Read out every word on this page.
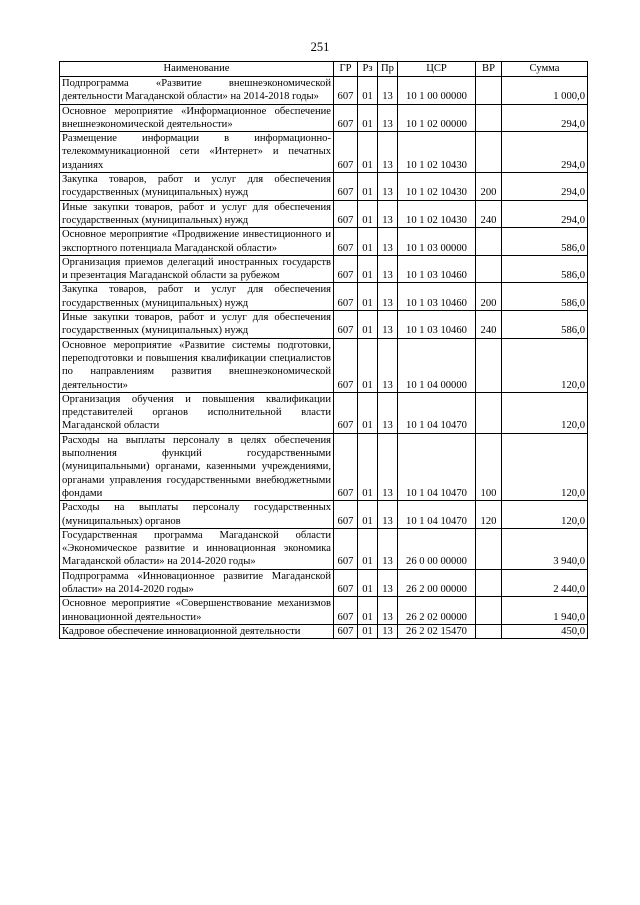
251
Наименование	ГР	Рз	Пр	ЦСР	ВР	Сумма
Подпрограмма «Развитие внешнеэкономической деятельности Магаданской области» на 2014-2018 годы»	607	01	13	10 1 00 00000		1 000,0
Основное мероприятие «Информационное обеспечение внешнеэкономической деятельности»	607	01	13	10 1 02 00000		294,0
Размещение информации в информационно-телекоммуникационной сети «Интернет» и печатных изданиях	607	01	13	10 1 02 10430		294,0
Закупка товаров, работ и услуг для обеспечения государственных (муниципальных) нужд	607	01	13	10 1 02 10430	200	294,0
Иные закупки товаров, работ и услуг для обеспечения государственных (муниципальных) нужд	607	01	13	10 1 02 10430	240	294,0
Основное мероприятие «Продвижение инвестиционного и экспортного потенциала Магаданской области»	607	01	13	10 1 03 00000		586,0
Организация приемов делегаций иностранных государств и презентация Магаданской области за рубежом	607	01	13	10 1 03 10460		586,0
Закупка товаров, работ и услуг для обеспечения государственных (муниципальных) нужд	607	01	13	10 1 03 10460	200	586,0
Иные закупки товаров, работ и услуг для обеспечения государственных (муниципальных) нужд	607	01	13	10 1 03 10460	240	586,0
Основное мероприятие «Развитие системы подготовки, переподготовки и повышения квалификации специалистов по направлениям развития внешнеэкономической деятельности»	607	01	13	10 1 04 00000		120,0
Организация обучения и повышения квалификации представителей органов исполнительной власти Магаданской области	607	01	13	10 1 04 10470		120,0
Расходы на выплаты персоналу в целях обеспечения выполнения функций государственными (муниципальными) органами, казенными учреждениями, органами управления государственными внебюджетными фондами	607	01	13	10 1 04 10470	100	120,0
Расходы на выплаты персоналу государственных (муниципальных) органов	607	01	13	10 1 04 10470	120	120,0
Государственная программа Магаданской области «Экономическое развитие и инновационная экономика Магаданской области» на 2014-2020 годы»	607	01	13	26 0 00 00000		3 940,0
Подпрограмма «Инновационное развитие Магаданской области» на 2014-2020 годы»	607	01	13	26 2 00 00000		2 440,0
Основное мероприятие «Совершенствование механизмов инновационной деятельности»	607	01	13	26 2 02 00000		1 940,0
Кадровое обеспечение инновационной деятельности	607	01	13	26 2 02 15470		450,0
